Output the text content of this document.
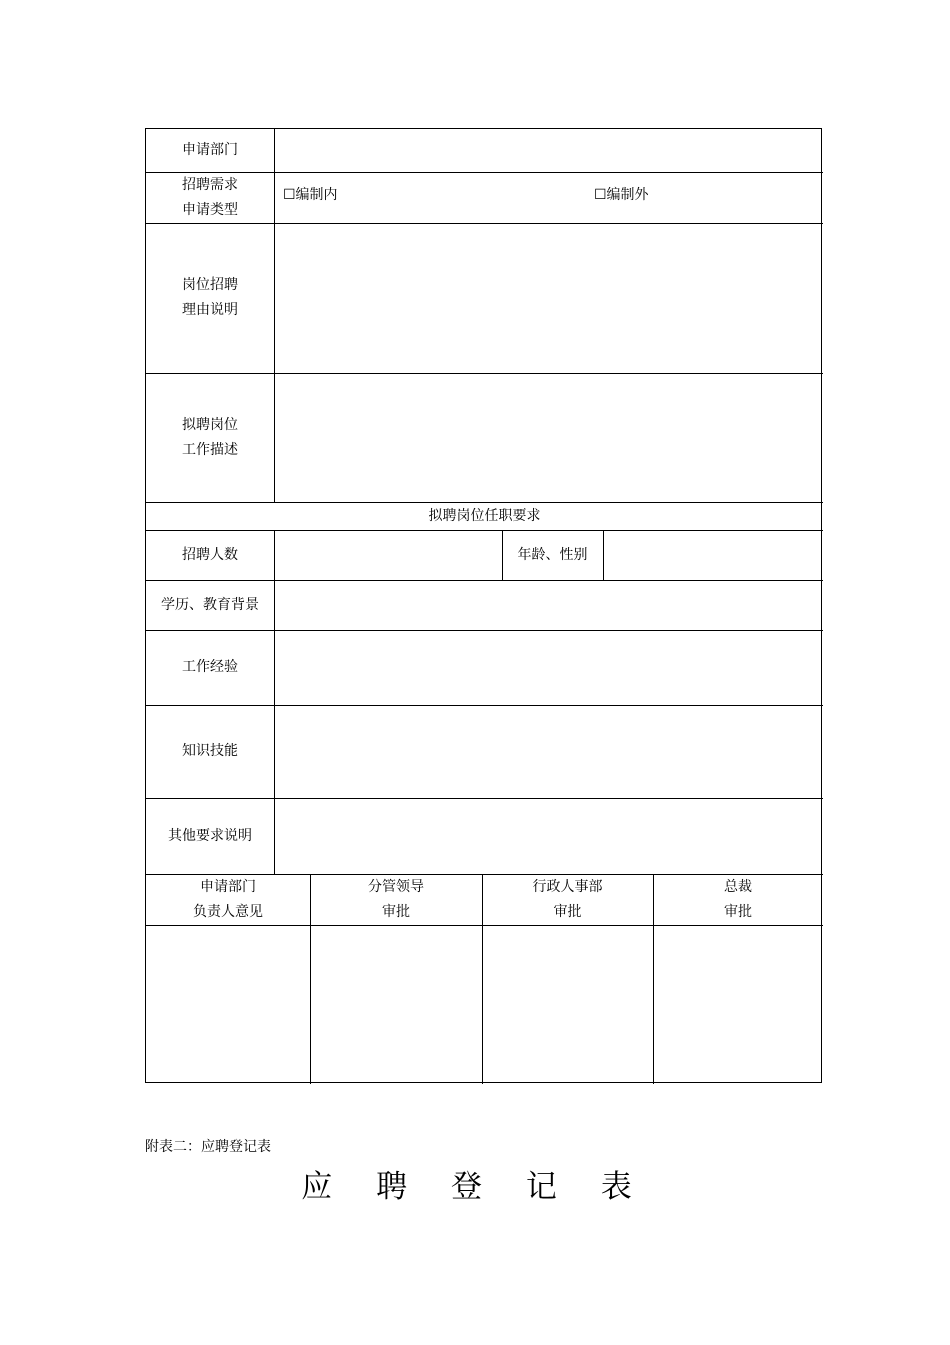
申请部门
招聘需求
申请类型
岗位招聘
理由说明
拟聘岗位
工作描述
拟聘岗位任职要求
招聘人数	年龄、性别
学历、教育背景
工作经验
知识技能
其他要求说明
☐编制内	☐编制外
申请部门
负责人意见
分管领导
审批
行政人事部
审批
总裁
审批
附表二：应聘登记表
应 聘 登 记 表
